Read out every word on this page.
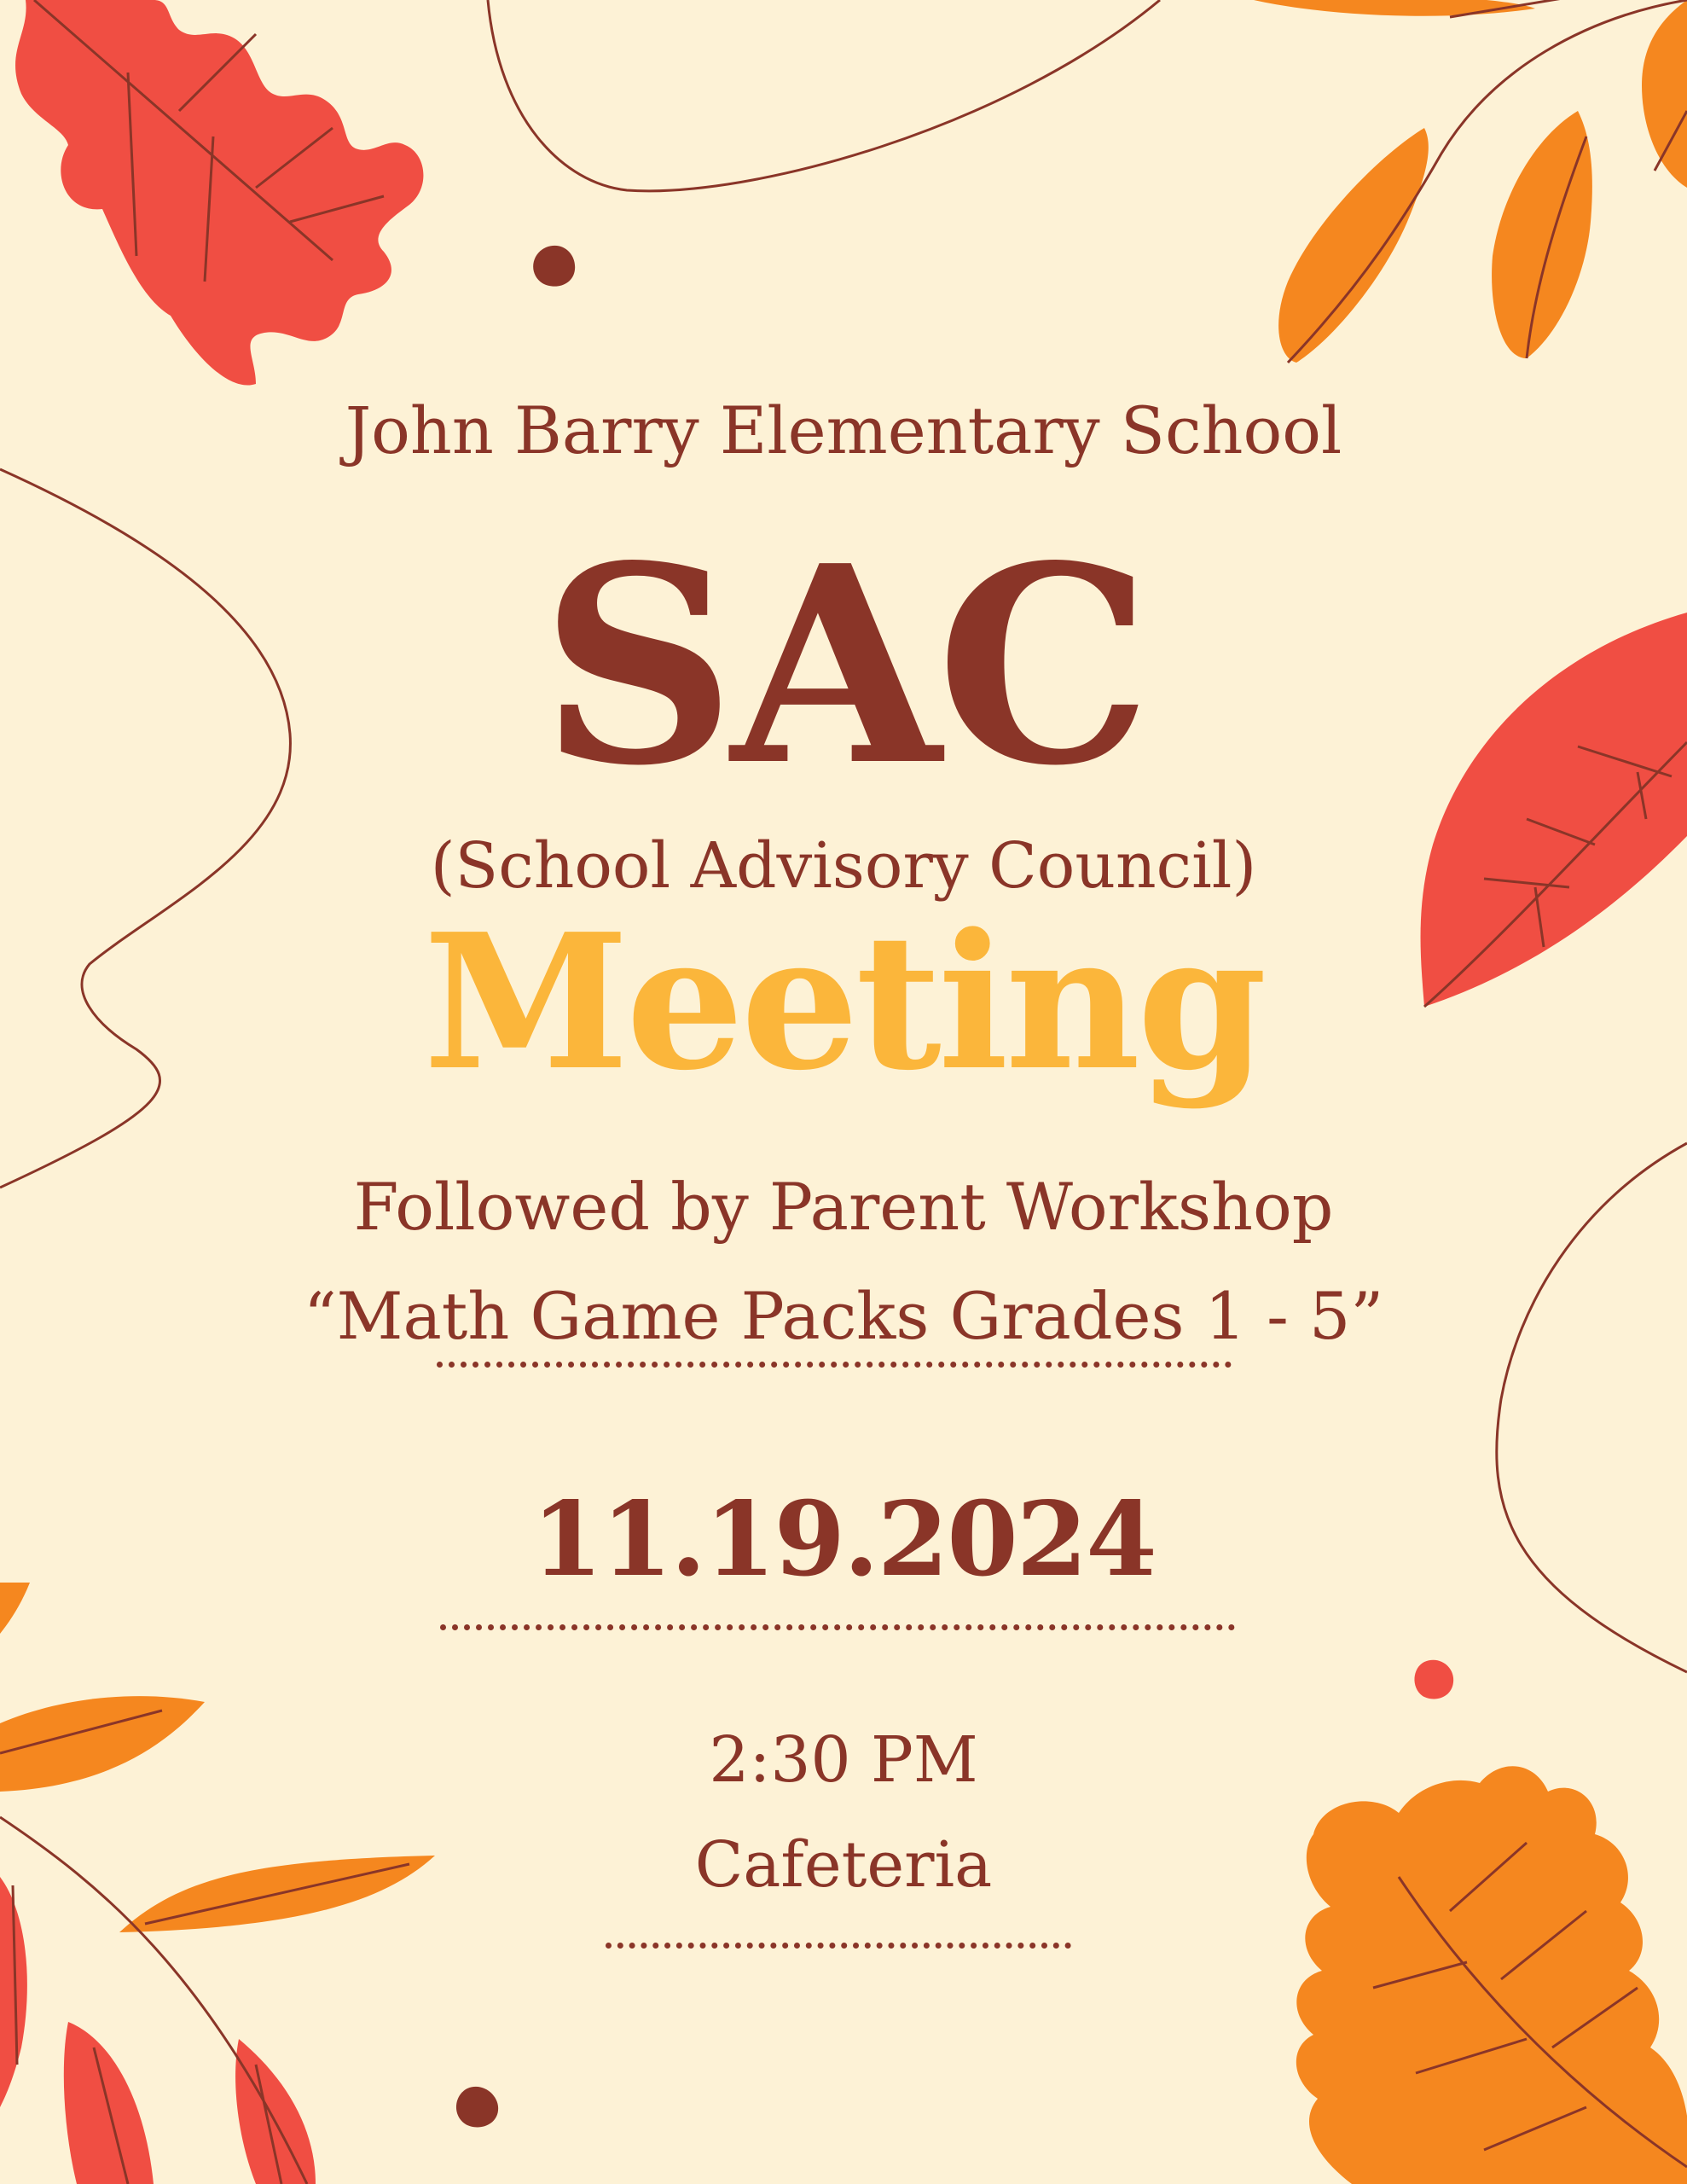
John Barry Elementary School
SAC
(School Advisory Council)
Meeting
Followed by Parent Workshop
“Math Game Packs Grades 1 - 5”
11.19.2024
2:30 PM
Cafeteria
